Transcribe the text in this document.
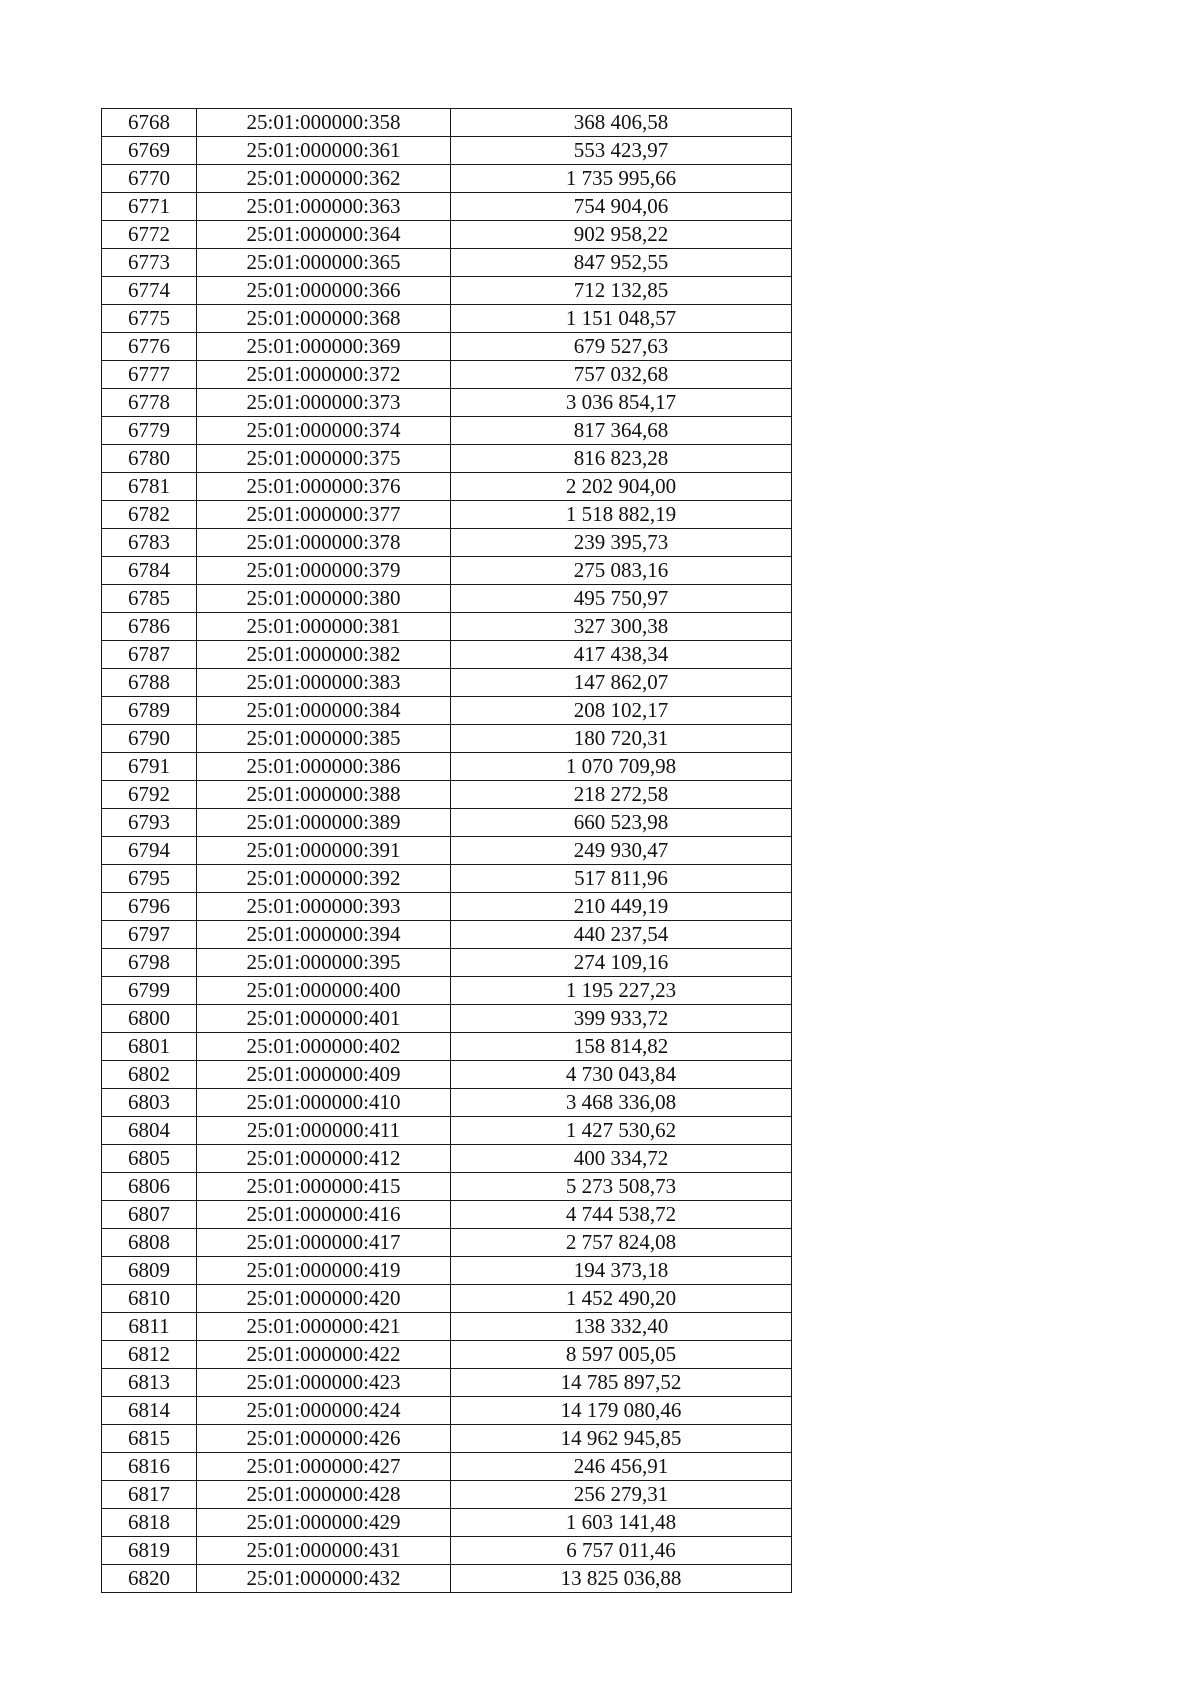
6768	25:01:000000:358	368 406,58
6769	25:01:000000:361	553 423,97
6770	25:01:000000:362	1 735 995,66
6771	25:01:000000:363	754 904,06
6772	25:01:000000:364	902 958,22
6773	25:01:000000:365	847 952,55
6774	25:01:000000:366	712 132,85
6775	25:01:000000:368	1 151 048,57
6776	25:01:000000:369	679 527,63
6777	25:01:000000:372	757 032,68
6778	25:01:000000:373	3 036 854,17
6779	25:01:000000:374	817 364,68
6780	25:01:000000:375	816 823,28
6781	25:01:000000:376	2 202 904,00
6782	25:01:000000:377	1 518 882,19
6783	25:01:000000:378	239 395,73
6784	25:01:000000:379	275 083,16
6785	25:01:000000:380	495 750,97
6786	25:01:000000:381	327 300,38
6787	25:01:000000:382	417 438,34
6788	25:01:000000:383	147 862,07
6789	25:01:000000:384	208 102,17
6790	25:01:000000:385	180 720,31
6791	25:01:000000:386	1 070 709,98
6792	25:01:000000:388	218 272,58
6793	25:01:000000:389	660 523,98
6794	25:01:000000:391	249 930,47
6795	25:01:000000:392	517 811,96
6796	25:01:000000:393	210 449,19
6797	25:01:000000:394	440 237,54
6798	25:01:000000:395	274 109,16
6799	25:01:000000:400	1 195 227,23
6800	25:01:000000:401	399 933,72
6801	25:01:000000:402	158 814,82
6802	25:01:000000:409	4 730 043,84
6803	25:01:000000:410	3 468 336,08
6804	25:01:000000:411	1 427 530,62
6805	25:01:000000:412	400 334,72
6806	25:01:000000:415	5 273 508,73
6807	25:01:000000:416	4 744 538,72
6808	25:01:000000:417	2 757 824,08
6809	25:01:000000:419	194 373,18
6810	25:01:000000:420	1 452 490,20
6811	25:01:000000:421	138 332,40
6812	25:01:000000:422	8 597 005,05
6813	25:01:000000:423	14 785 897,52
6814	25:01:000000:424	14 179 080,46
6815	25:01:000000:426	14 962 945,85
6816	25:01:000000:427	246 456,91
6817	25:01:000000:428	256 279,31
6818	25:01:000000:429	1 603 141,48
6819	25:01:000000:431	6 757 011,46
6820	25:01:000000:432	13 825 036,88
